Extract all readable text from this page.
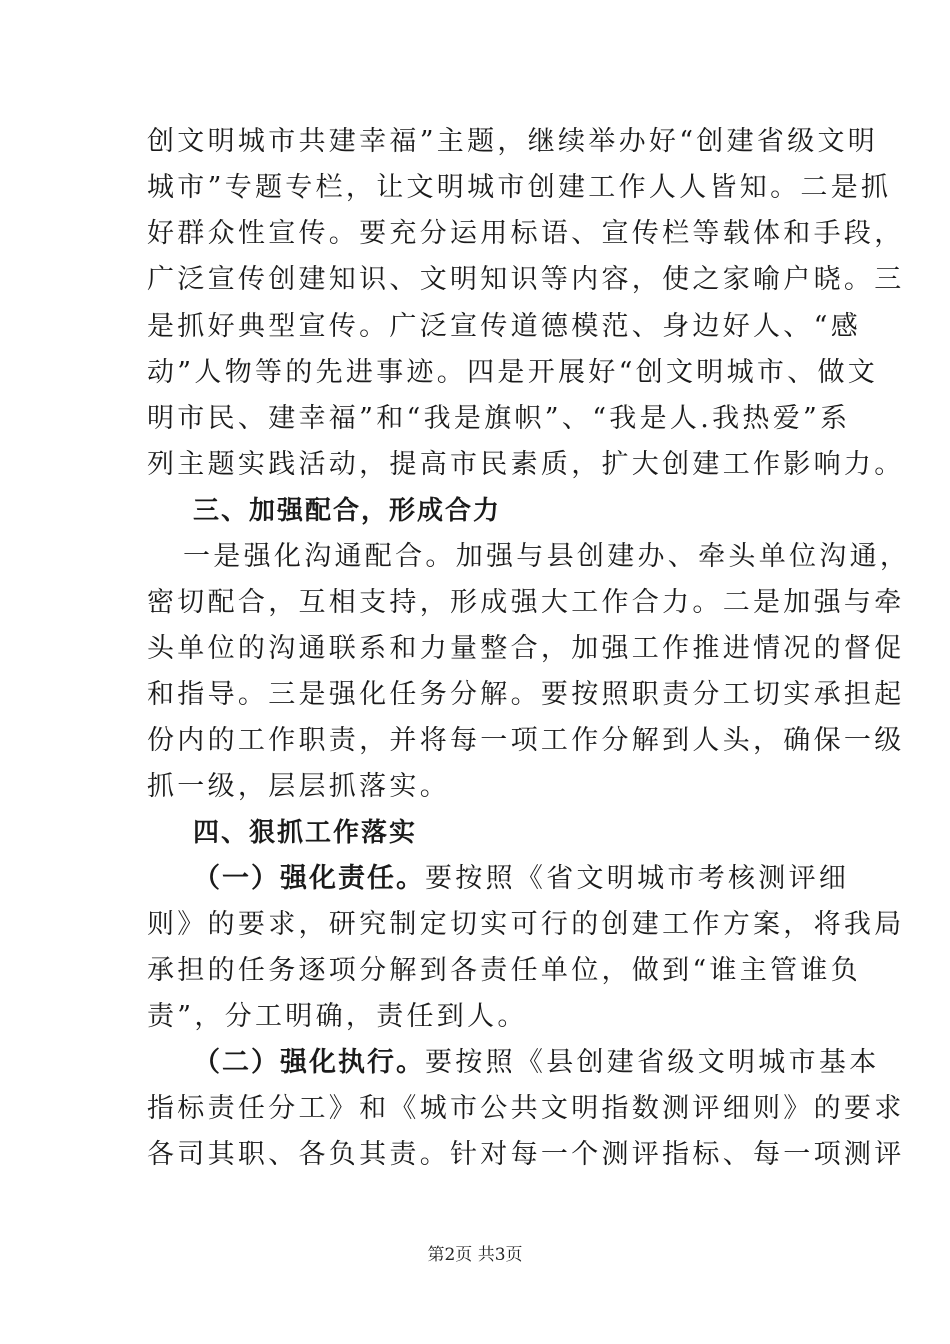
创文明城市共建幸福”主题，继续举办好“创建省级文明
城市”专题专栏，让文明城市创建工作人人皆知。二是抓
好群众性宣传。要充分运用标语、宣传栏等载体和手段，
广泛宣传创建知识、文明知识等内容，使之家喻户晓。三
是抓好典型宣传。广泛宣传道德模范、身边好人、“感
动”人物等的先进事迹。四是开展好“创文明城市、做文
明市民、建幸福”和“我是旗帜”、“我是人.我热爱”系
列主题实践活动，提高市民素质，扩大创建工作影响力。
三、加强配合，形成合力
一是强化沟通配合。加强与县创建办、牵头单位沟通，
密切配合，互相支持，形成强大工作合力。二是加强与牵
头单位的沟通联系和力量整合，加强工作推进情况的督促
和指导。三是强化任务分解。要按照职责分工切实承担起
份内的工作职责，并将每一项工作分解到人头，确保一级
抓一级，层层抓落实。
四、狠抓工作落实
（一）强化责任。要按照《省文明城市考核测评细
则》的要求，研究制定切实可行的创建工作方案，将我局
承担的任务逐项分解到各责任单位，做到“谁主管谁负
责”，分工明确，责任到人。
（二）强化执行。要按照《县创建省级文明城市基本
指标责任分工》和《城市公共文明指数测评细则》的要求
各司其职、各负其责。针对每一个测评指标、每一项测评
第2页 共3页
